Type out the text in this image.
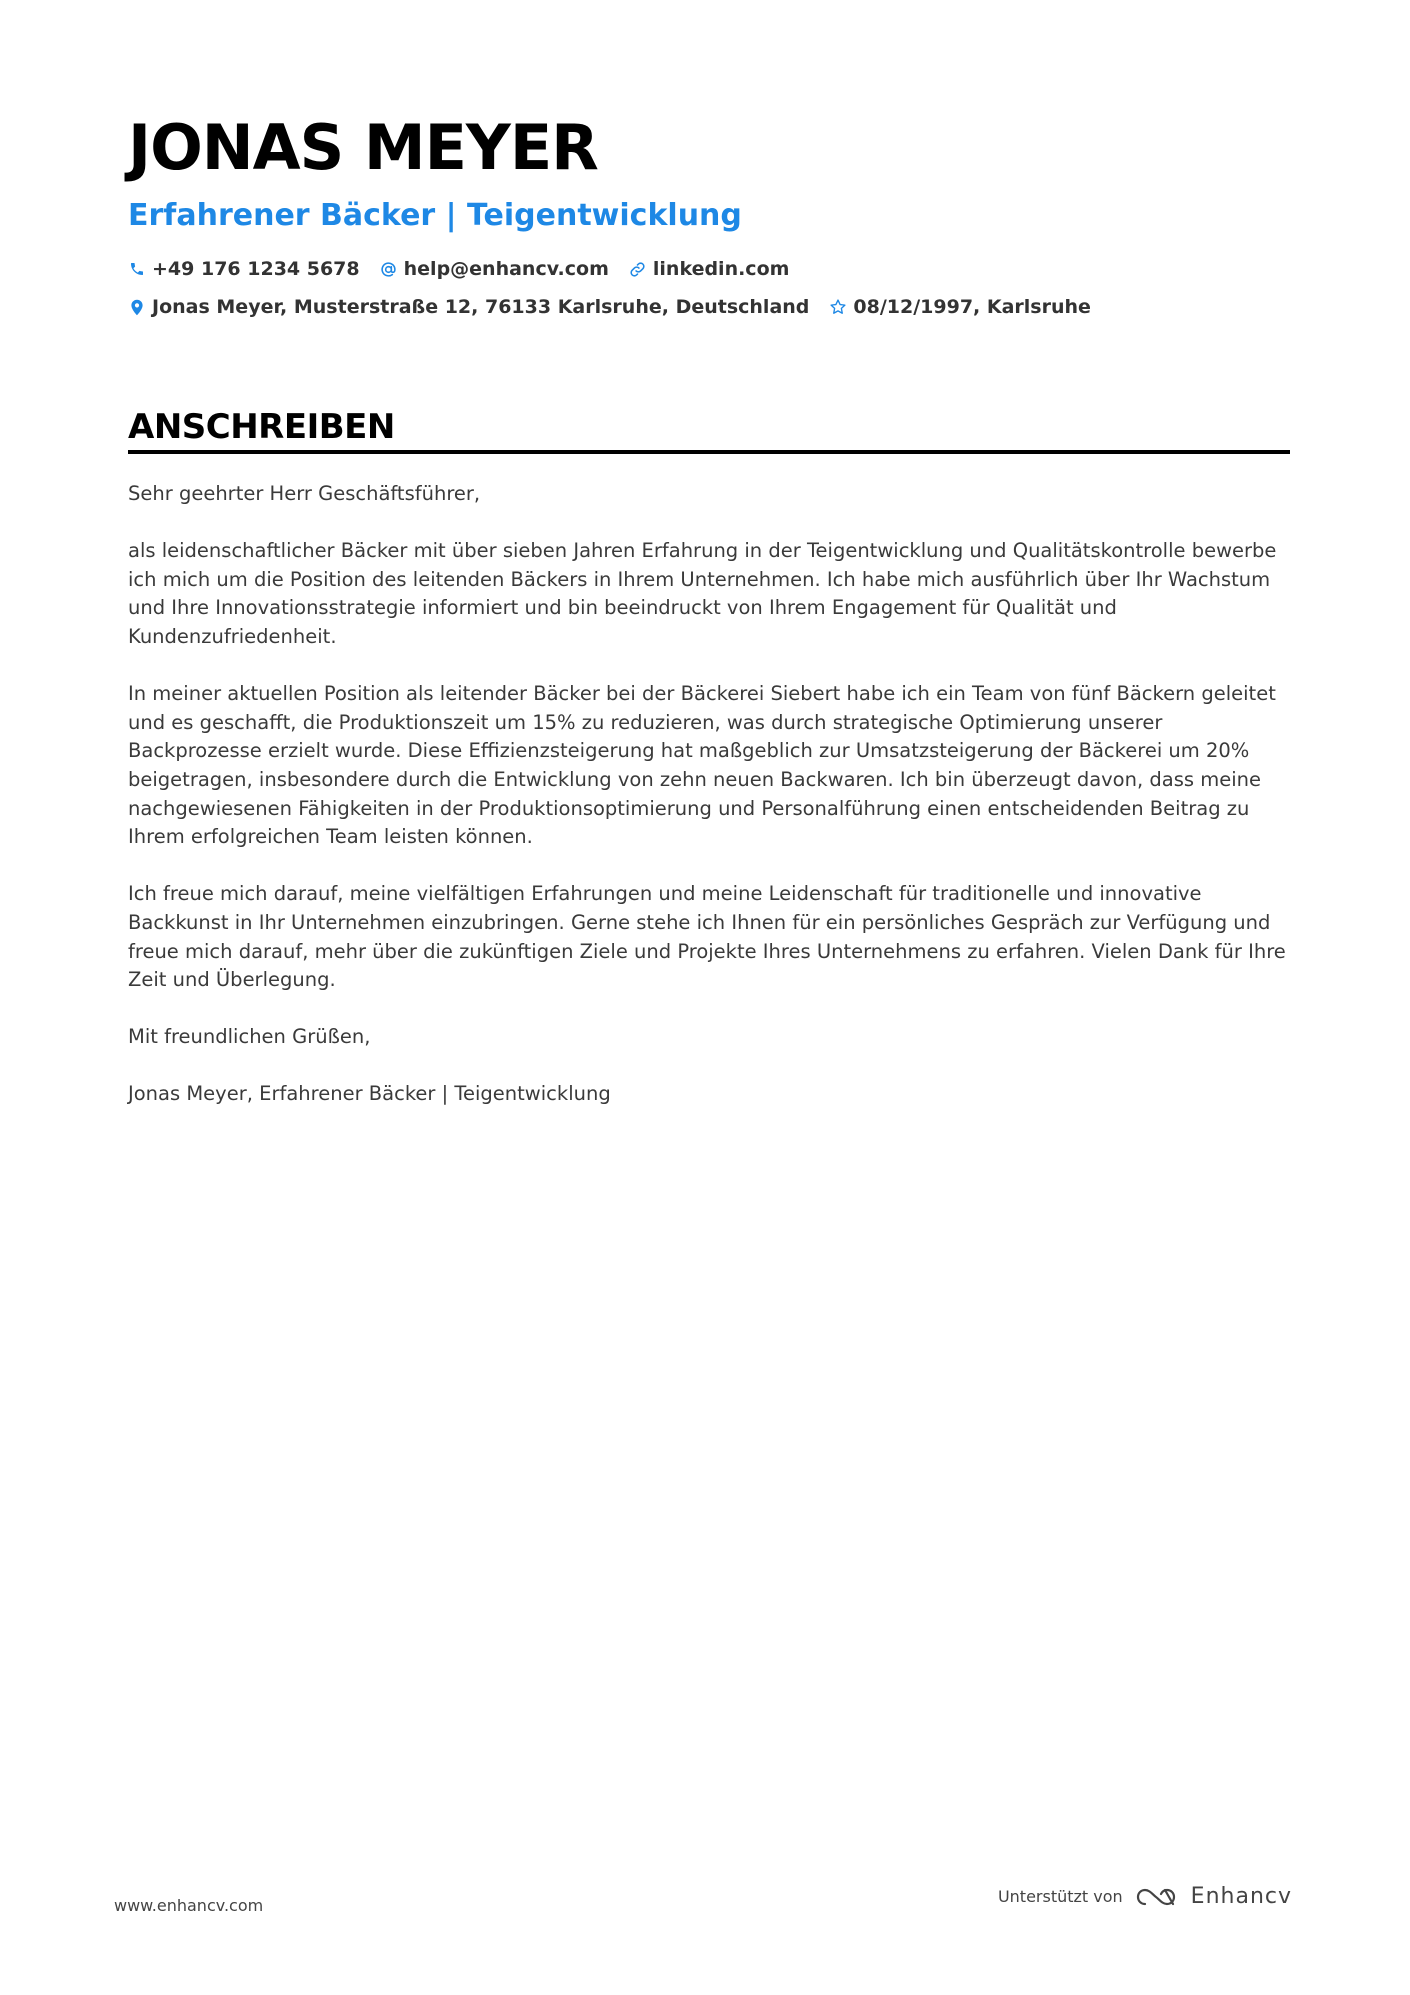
JONAS MEYER
Erfahrener Bäcker | Teigentwicklung
+49 176 1234 5678 help@enhancv.com linkedin.com
Jonas Meyer, Musterstraße 12, 76133 Karlsruhe, Deutschland 08/12/1997, Karlsruhe
ANSCHREIBEN

Sehr geehrter Herr Geschäftsführer,

als leidenschaftlicher Bäcker mit über sieben Jahren Erfahrung in der Teigentwicklung und Qualitätskontrolle bewerbe ich mich um die Position des leitenden Bäckers in Ihrem Unternehmen. Ich habe mich ausführlich über Ihr Wachstum und Ihre Innovationsstrategie informiert und bin beeindruckt von Ihrem Engagement für Qualität und Kundenzufriedenheit.

In meiner aktuellen Position als leitender Bäcker bei der Bäckerei Siebert habe ich ein Team von fünf Bäckern geleitet und es geschafft, die Produktionszeit um 15% zu reduzieren, was durch strategische Optimierung unserer Backprozesse erzielt wurde. Diese Effizienzsteigerung hat maßgeblich zur Umsatzsteigerung der Bäckerei um 20% beigetragen, insbesondere durch die Entwicklung von zehn neuen Backwaren. Ich bin überzeugt davon, dass meine nachgewiesenen Fähigkeiten in der Produktionsoptimierung und Personalführung einen entscheidenden Beitrag zu Ihrem erfolgreichen Team leisten können.

Ich freue mich darauf, meine vielfältigen Erfahrungen und meine Leidenschaft für traditionelle und innovative Backkunst in Ihr Unternehmen einzubringen. Gerne stehe ich Ihnen für ein persönliches Gespräch zur Verfügung und freue mich darauf, mehr über die zukünftigen Ziele und Projekte Ihres Unternehmens zu erfahren. Vielen Dank für Ihre Zeit und Überlegung.

Mit freundlichen Grüßen,

Jonas Meyer, Erfahrener Bäcker | Teigentwicklung

www.enhancv.com	Unterstützt von	Enhancv
